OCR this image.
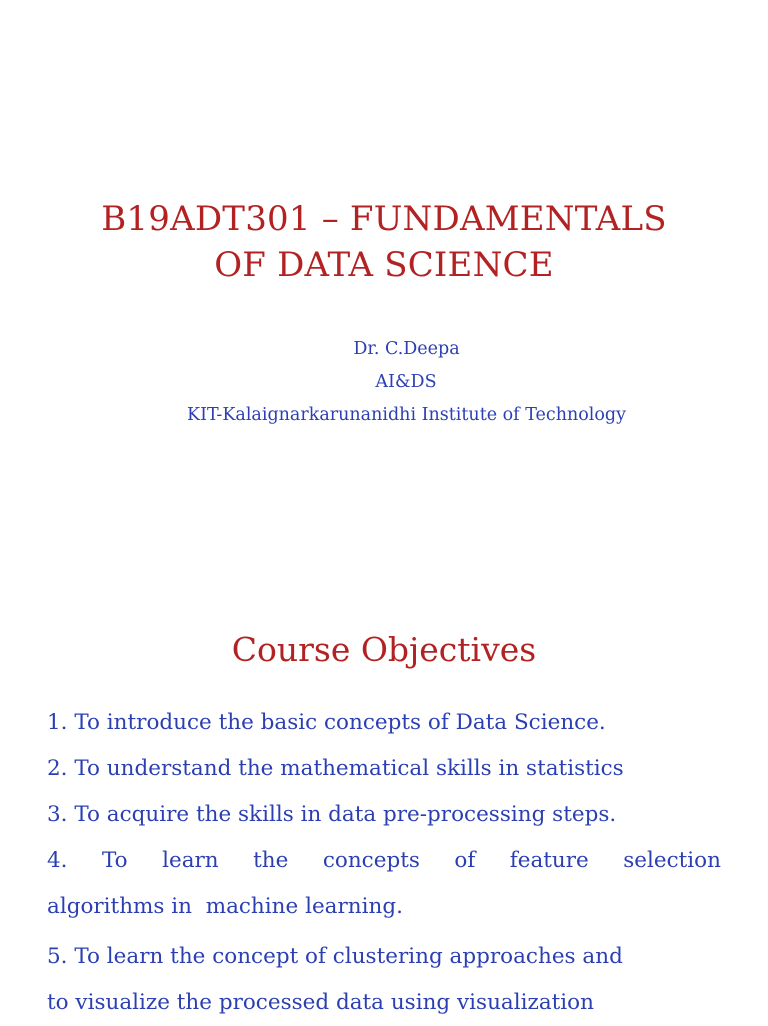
B19ADT301 – FUNDAMENTALS
OF DATA SCIENCE
Dr. C.Deepa
AI&DS
KIT-Kalaignarkarunanidhi Institute of Technology
Course Objectives
1. To introduce the basic concepts of Data Science.
2. To understand the mathematical skills in statistics
3. To acquire the skills in data pre-processing steps.
4. To learn the concepts of feature selection
algorithms in  machine learning.
5. To learn the concept of clustering approaches and
to visualize the processed data using visualization
